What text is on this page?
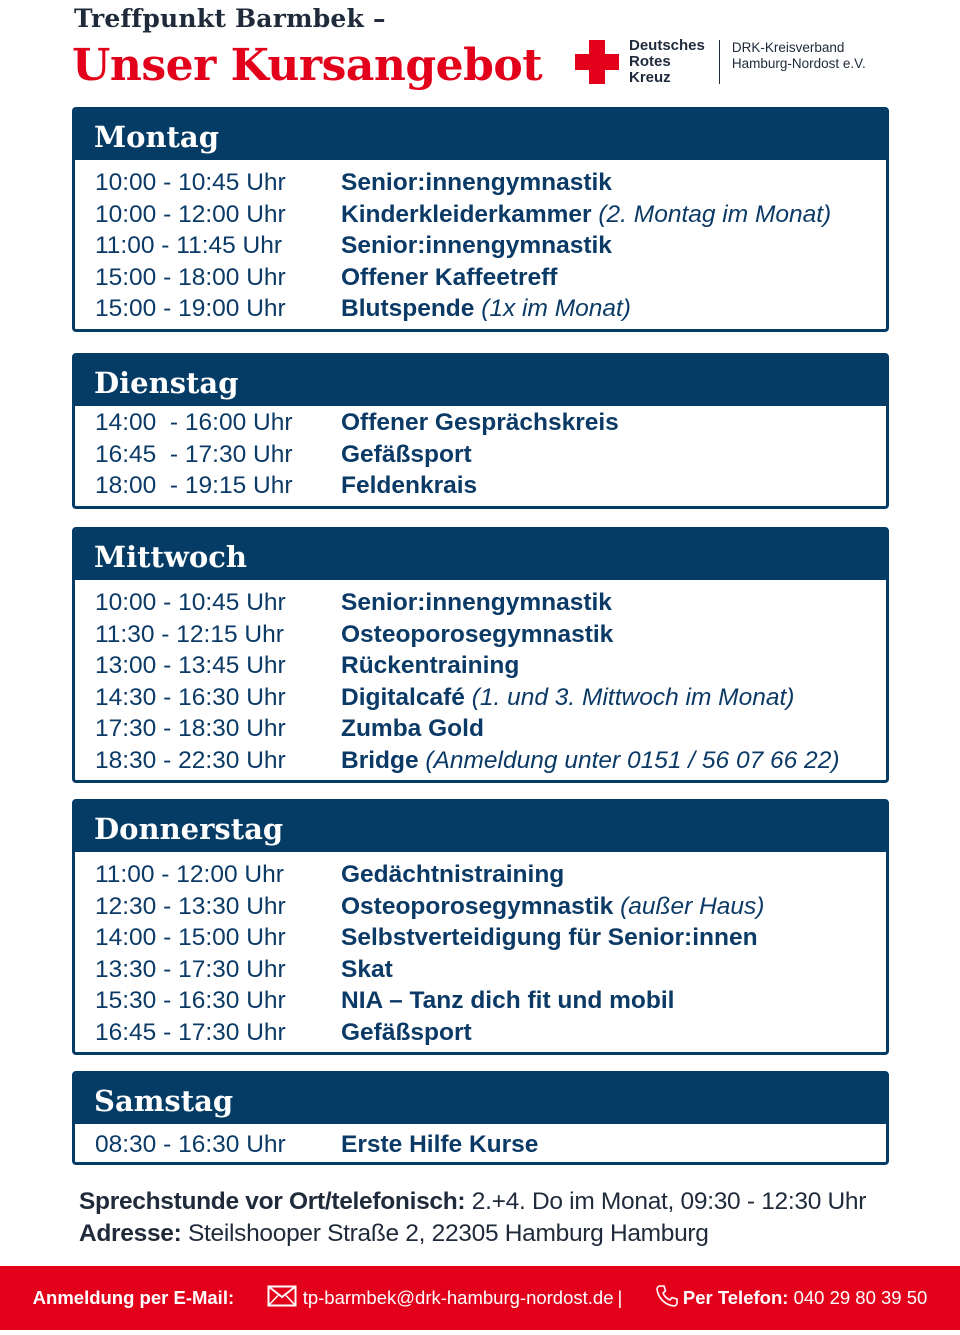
Treffpunkt Barmbek –
Unser Kursangebot	Deutsches
Rotes
Kreuz
DRK-Kreisverband
Hamburg-Nordost e.V.
Montag
10:00 - 10:45 Uhr Senior:innengymnastik
10:00 - 12:00 Uhr Kinderkleiderkammer (2. Montag im Monat)
11:00 - 11:45 Uhr Senior:innengymnastik
15:00 - 18:00 Uhr Offener Kaffeetreff
15:00 - 19:00 Uhr Blutspende (1x im Monat)
Dienstag
14:00  - 16:00 Uhr Offener Gesprächskreis
16:45  - 17:30 Uhr Gefäßsport
18:00  - 19:15 Uhr Feldenkrais
Mittwoch
10:00 - 10:45 Uhr Senior:innengymnastik
11:30 - 12:15 Uhr Osteoporosegymnastik
13:00 - 13:45 Uhr Rückentraining
14:30 - 16:30 Uhr Digitalcafé (1. und 3. Mittwoch im Monat)
17:30 - 18:30 Uhr Zumba Gold
18:30 - 22:30 Uhr Bridge (Anmeldung unter 0151 / 56 07 66 22)
Donnerstag
11:00 - 12:00 Uhr Gedächtnistraining
12:30 - 13:30 Uhr Osteoporosegymnastik (außer Haus)
14:00 - 15:00 Uhr Selbstverteidigung für Senior:innen
13:30 - 17:30 Uhr Skat
15:30 - 16:30 Uhr NIA – Tanz dich fit und mobil
16:45 - 17:30 Uhr Gefäßsport
Samstag
08:30 - 16:30 Uhr Erste Hilfe Kurse
Sprechstunde vor Ort/telefonisch: 2.+4. Do im Monat, 09:30 - 12:30 Uhr
Adresse: Steilshooper Straße 2, 22305 Hamburg Hamburg
Anmeldung per E-Mail:

	tp-barmbek@drk-hamburg-nordost.de |

	Per Telefon:
040 29 80 39 50
